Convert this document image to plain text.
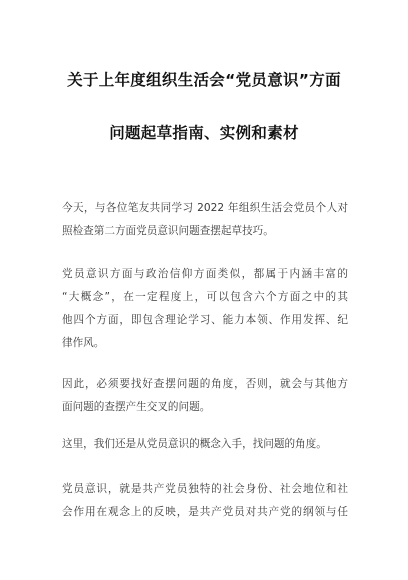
关于上年度组织生活会“党员意识”方面
问题起草指南、实例和素材
今天，与各位笔友共同学习 2022 年组织生活会党员个人对
照检查第二方面党员意识问题查摆起草技巧。
党员意识方面与政治信仰方面类似，都属于内涵丰富的
“大概念”，在一定程度上，可以包含六个方面之中的其
他四个方面，即包含理论学习、能力本领、作用发挥、纪
律作风。
因此，必须要找好查摆问题的角度，否则，就会与其他方
面问题的查摆产生交叉的问题。
这里，我们还是从党员意识的概念入手，找问题的角度。
党员意识，就是共产党员独特的社会身份、社会地位和社
会作用在观念上的反映，是共产党员对共产党的纲领与任
